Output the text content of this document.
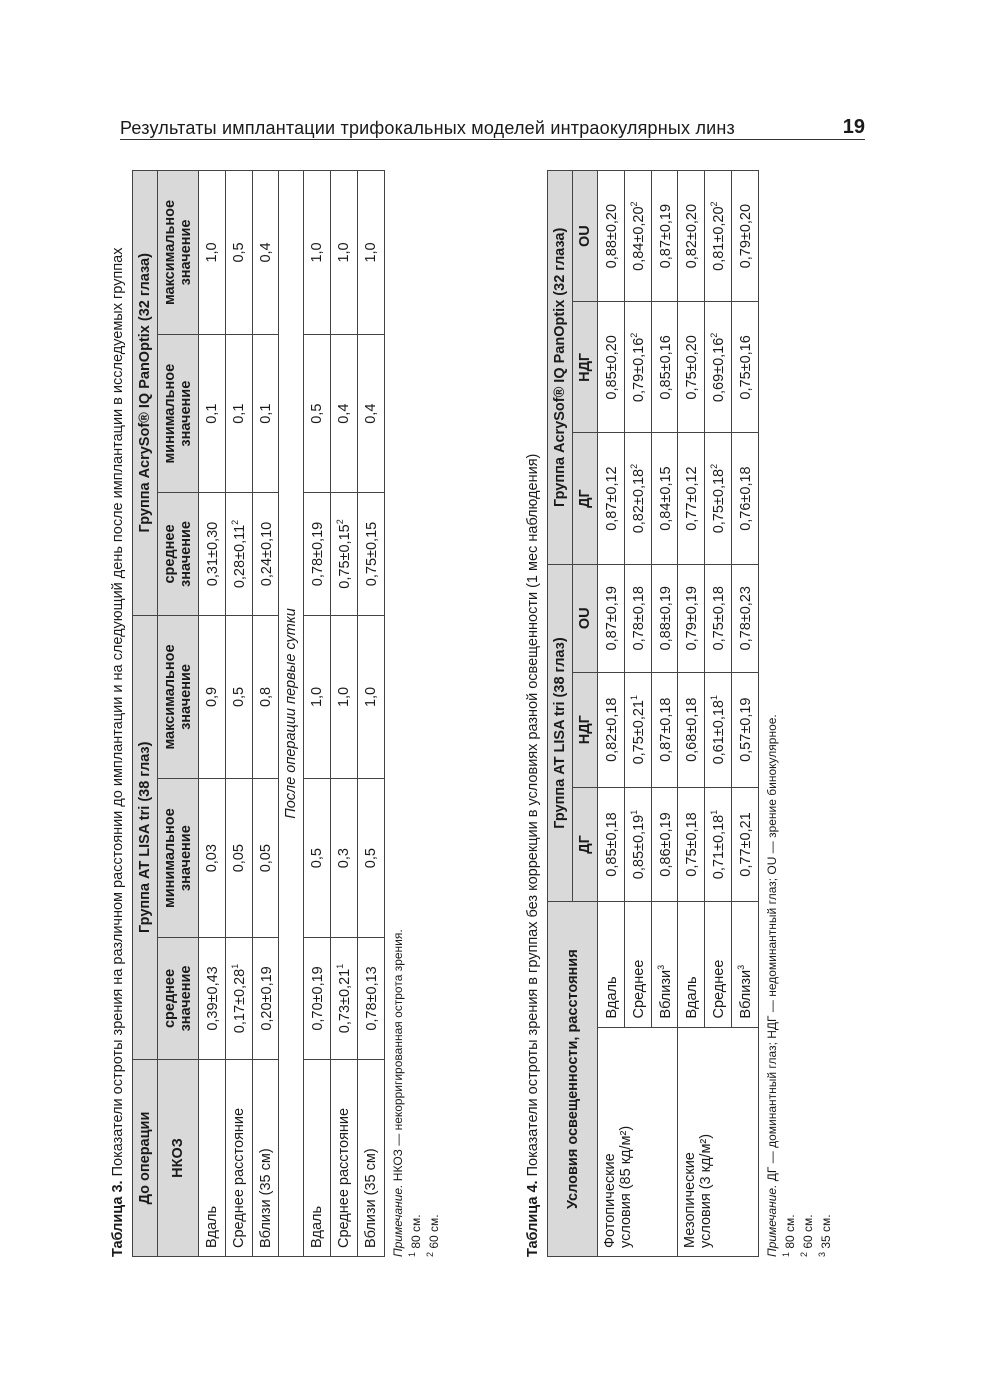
Результаты имплантации трифокальных моделей интраокулярных линз	19
Таблица 3. Показатели остроты зрения на различном расстоянии до имплантации и на следующий день после имплантации в исследуемых группах До операции	Группа AT LISA tri (38 глаз)			Группа AcrySof® IQ PanOptix (32 глаза)		
НКОЗ	среднее значение	минимальное значение	максимальное значение	среднее значение	минимальное значение	максимальное значение
Вдаль	0,39±0,43	0,03	0,9	0,31±0,30	0,1	1,0
Среднее расстояние	$0,17\pm 0,28^1$	0,05	0,5	$0,28\pm 0,11^2$	0,1	0,5
Вблизи (35 см)	0,20±0,19	0,05	0,8	0,24±0,10	0,1	0,4
После операции первые сутки						
Вдаль	0,70±0,19	0,5	1,0	0,78±0,19	0,5	1,0
Среднее расстояние	$0,73\pm 0,21^1$	0,3	1,0	$0,75\pm 0,15^2$	0,4	1,0
Вблизи (35 см)	0,78±0,13	0,5	1,0	0,75±0,15	0,4	1,0
Примечание. НКОЗ — некорригированная острота зрения.
$^1$ 80 см.
$^2$ 60 см.	Таблица 4. Показатели остроты зрения в группах без коррекции в условиях разной освещенности (1 мес наблюдения) Условия освещенности, расстояния		Группа AT LISA tri (38 глаз)			Группа AcrySof® IQ PanOptix (32 глаза)		
		ДГ	НДГ	OU	ДГ	НДГ	OU

Фотопические условия (85 кд/м²)	Вдаль	0,85±0,18	0,82±0,18	0,87±0,19	0,87±0,12	0,85±0,20	0,88±0,20
	Среднее	$0,85\pm 0,19^1$	$0,75\pm 0,21^1$	0,78±0,18	$0,82\pm 0,18^2$	$0,79\pm 0,16^2$	$0,84\pm 0,20^2$
	Вблизи$^3$	0,86±0,19	0,87±0,18	0,88±0,19	0,84±0,15	0,85±0,16	0,87±0,19

Мезопические условия (3 кд/м²)	Вдаль	0,75±0,18	0,68±0,18	0,79±0,19	0,77±0,12	0,75±0,20	0,82±0,20
	Среднее	$0,71\pm 0,18^1$	$0,61\pm 0,18^1$	0,75±0,18	$0,75\pm 0,18^2$	$0,69\pm 0,16^2$	$0,81\pm 0,20^2$
	Вблизи$^3$	0,77±0,21	0,57±0,19	0,78±0,23	0,76±0,18	0,75±0,16	0,79±0,20
Примечание. ДГ — доминантный глаз; НДГ — недоминантный глаз; OU — зрение бинокулярное.
$^1$ 80 см.
$^2$ 60 см.
$^3$ 35 см.
